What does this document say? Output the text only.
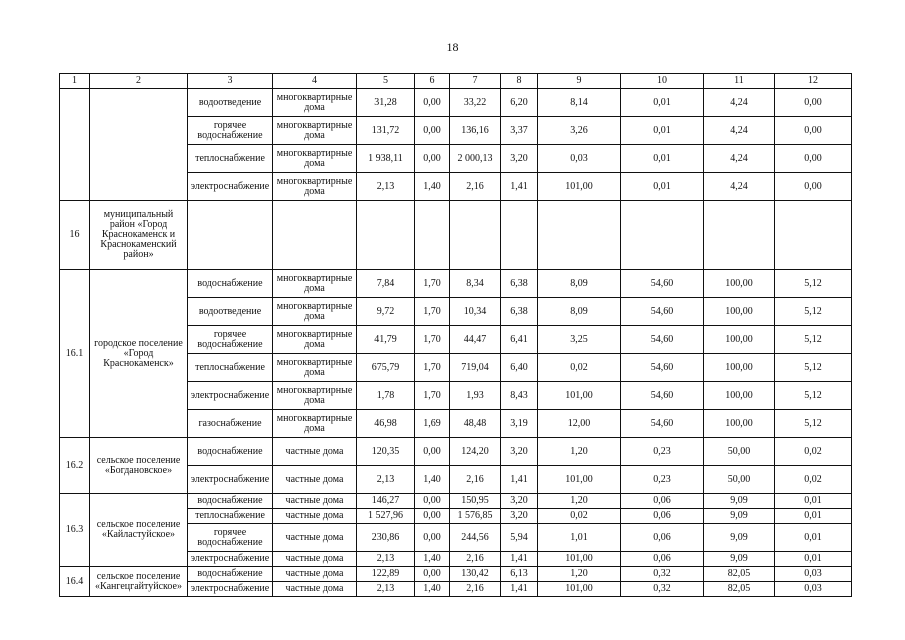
18
1	2	3	4	5	6	7	8	9	10	11	12
		водоотведение	многоквартирные дома	31,28	0,00	33,22	6,20	8,14	0,01	4,24	0,00
		горячее водоснабжение	многоквартирные дома	131,72	0,00	136,16	3,37	3,26	0,01	4,24	0,00
		теплоснабжение	многоквартирные дома	1 938,11	0,00	2 000,13	3,20	0,03	0,01	4,24	0,00
		электроснабжение	многоквартирные дома	2,13	1,40	2,16	1,41	101,00	0,01	4,24	0,00
16	муниципальный район «Город Краснокаменск и Краснокаменский район»										
16.1	городское поселение «Город Краснокаменск»	водоснабжение	многоквартирные дома	7,84	1,70	8,34	6,38	8,09	54,60	100,00	5,12
		водоотведение	многоквартирные дома	9,72	1,70	10,34	6,38	8,09	54,60	100,00	5,12
		горячее водоснабжение	многоквартирные дома	41,79	1,70	44,47	6,41	3,25	54,60	100,00	5,12
		теплоснабжение	многоквартирные дома	675,79	1,70	719,04	6,40	0,02	54,60	100,00	5,12
		электроснабжение	многоквартирные дома	1,78	1,70	1,93	8,43	101,00	54,60	100,00	5,12
		газоснабжение	многоквартирные дома	46,98	1,69	48,48	3,19	12,00	54,60	100,00	5,12
16.2	сельское поселение «Богдановское»	водоснабжение	частные дома	120,35	0,00	124,20	3,20	1,20	0,23	50,00	0,02
		электроснабжение	частные дома	2,13	1,40	2,16	1,41	101,00	0,23	50,00	0,02
16.3	сельское поселение «Кайластуйское»	водоснабжение	частные дома	146,27	0,00	150,95	3,20	1,20	0,06	9,09	0,01
		теплоснабжение	частные дома	1 527,96	0,00	1 576,85	3,20	0,02	0,06	9,09	0,01
		горячее водоснабжение	частные дома	230,86	0,00	244,56	5,94	1,01	0,06	9,09	0,01
		электроснабжение	частные дома	2,13	1,40	2,16	1,41	101,00	0,06	9,09	0,01
16.4	сельское поселение «Кангецгайтуйское»	водоснабжение	частные дома	122,89	0,00	130,42	6,13	1,20	0,32	82,05	0,03
		электроснабжение	частные дома	2,13	1,40	2,16	1,41	101,00	0,32	82,05	0,03
